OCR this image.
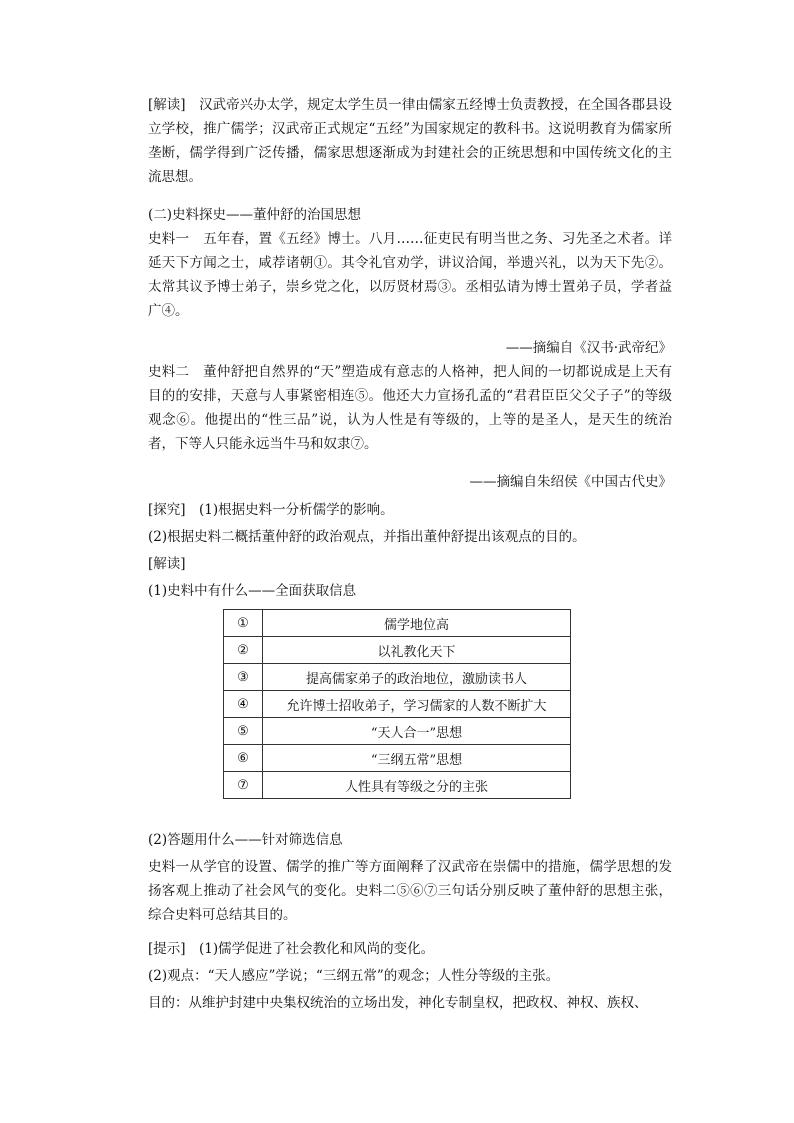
[解读]　汉武帝兴办太学，规定太学生员一律由儒家五经博士负责教授，在全国各郡县设立学校，推广儒学；汉武帝正式规定“五经”为国家规定的教科书。这说明教育为儒家所垄断，儒学得到广泛传播，儒家思想逐渐成为封建社会的正统思想和中国传统文化的主流思想。

(二)史料探史——董仲舒的治国思想

史料一　五年春，置《五经》博士。八月……征吏民有明当世之务、习先圣之术者。详延天下方闻之士，咸荐诸朝①。其令礼官劝学，讲议洽闻，举遗兴礼，以为天下先②。太常其议予博士弟子，崇乡党之化，以厉贤材焉③。丞相弘请为博士置弟子员，学者益广④。

——摘编自《汉书·武帝纪》

史料二　董仲舒把自然界的“天”塑造成有意志的人格神，把人间的一切都说成是上天有目的的安排，天意与人事紧密相连⑤。他还大力宣扬孔孟的“君君臣臣父父子子”的等级观念⑥。他提出的“性三品”说，认为人性是有等级的，上等的是圣人，是天生的统治者，下等人只能永远当牛马和奴隶⑦。

——摘编自朱绍侯《中国古代史》

[探究]　(1)根据史料一分析儒学的影响。

(2)根据史料二概括董仲舒的政治观点，并指出董仲舒提出该观点的目的。

[解读]

(1)史料中有什么——全面获取信息

①	儒学地位高
②	以礼教化天下
③	提高儒家弟子的政治地位，激励读书人
④	允许博士招收弟子，学习儒家的人数不断扩大
⑤	“天人合一”思想
⑥	“三纲五常”思想
⑦	人性具有等级之分的主张

(2)答题用什么——针对筛选信息

史料一从学官的设置、儒学的推广等方面阐释了汉武帝在崇儒中的措施，儒学思想的发扬客观上推动了社会风气的变化。史料二⑤⑥⑦三句话分别反映了董仲舒的思想主张，综合史料可总结其目的。

[提示]　(1)儒学促进了社会教化和风尚的变化。

(2)观点：“天人感应”学说；“三纲五常”的观念；人性分等级的主张。

目的：从维护封建中央集权统治的立场出发，神化专制皇权，把政权、神权、族权、
